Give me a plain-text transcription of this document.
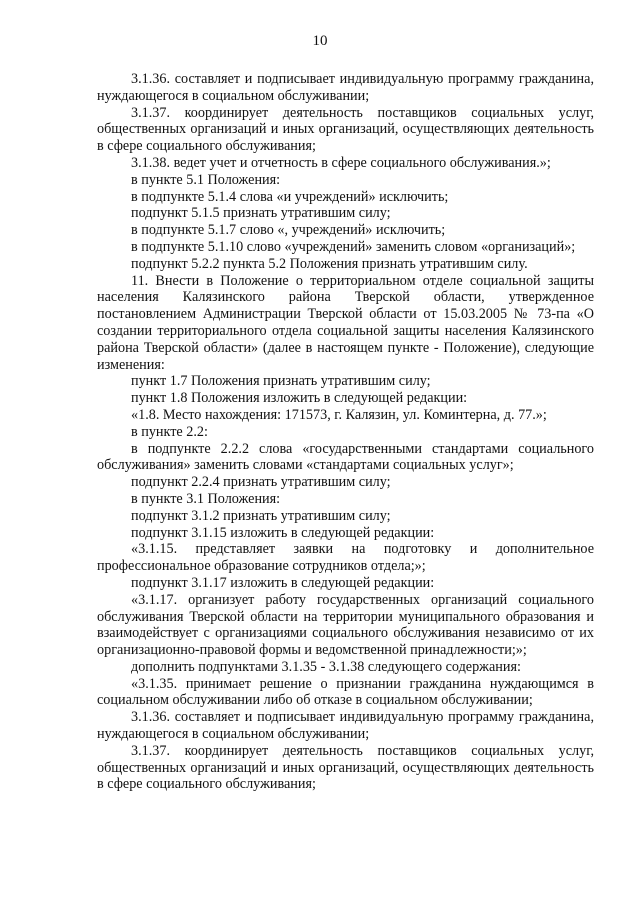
10

3.1.36. составляет и подписывает индивидуальную программу гражданина, нуждающегося в социальном обслуживании;

3.1.37. координирует деятельность поставщиков социальных услуг, общественных организаций и иных организаций, осуществляющих деятельность в сфере социального обслуживания;

3.1.38. ведет учет и отчетность в сфере социального обслуживания.»;

в пункте 5.1 Положения:

в подпункте 5.1.4 слова «и учреждений» исключить;

подпункт 5.1.5 признать утратившим силу;

в подпункте 5.1.7 слово «, учреждений» исключить;

в подпункте 5.1.10 слово «учреждений» заменить словом «организаций»;

подпункт 5.2.2 пункта 5.2 Положения признать утратившим силу.

11. Внести в Положение о территориальном отделе социальной защиты населения Калязинского района Тверской области, утвержденное постановлением Администрации Тверской области от 15.03.2005 № 73-па «О создании территориального отдела социальной защиты населения Калязинского района Тверской области» (далее в настоящем пункте - Положение), следующие изменения:

пункт 1.7 Положения признать утратившим силу;

пункт 1.8 Положения изложить в следующей редакции:

«1.8. Место нахождения: 171573, г. Калязин, ул. Коминтерна, д. 77.»;

в пункте 2.2:

в подпункте 2.2.2 слова «государственными стандартами социального обслуживания» заменить словами «стандартами социальных услуг»;

подпункт 2.2.4 признать утратившим силу;

в пункте 3.1 Положения:

подпункт 3.1.2 признать утратившим силу;

подпункт 3.1.15 изложить в следующей редакции:

«3.1.15. представляет заявки на подготовку и дополнительное профессиональное образование сотрудников отдела;»;

подпункт 3.1.17 изложить в следующей редакции:

«3.1.17. организует работу государственных организаций социального обслуживания Тверской области на территории муниципального образования и взаимодействует с организациями социального обслуживания независимо от их организационно-правовой формы и ведомственной принадлежности;»;

дополнить подпунктами 3.1.35 - 3.1.38 следующего содержания:

«3.1.35. принимает решение о признании гражданина нуждающимся в социальном обслуживании либо об отказе в социальном обслуживании;

3.1.36. составляет и подписывает индивидуальную программу гражданина, нуждающегося в социальном обслуживании;

3.1.37. координирует деятельность поставщиков социальных услуг, общественных организаций и иных организаций, осуществляющих деятельность в сфере социального обслуживания;
